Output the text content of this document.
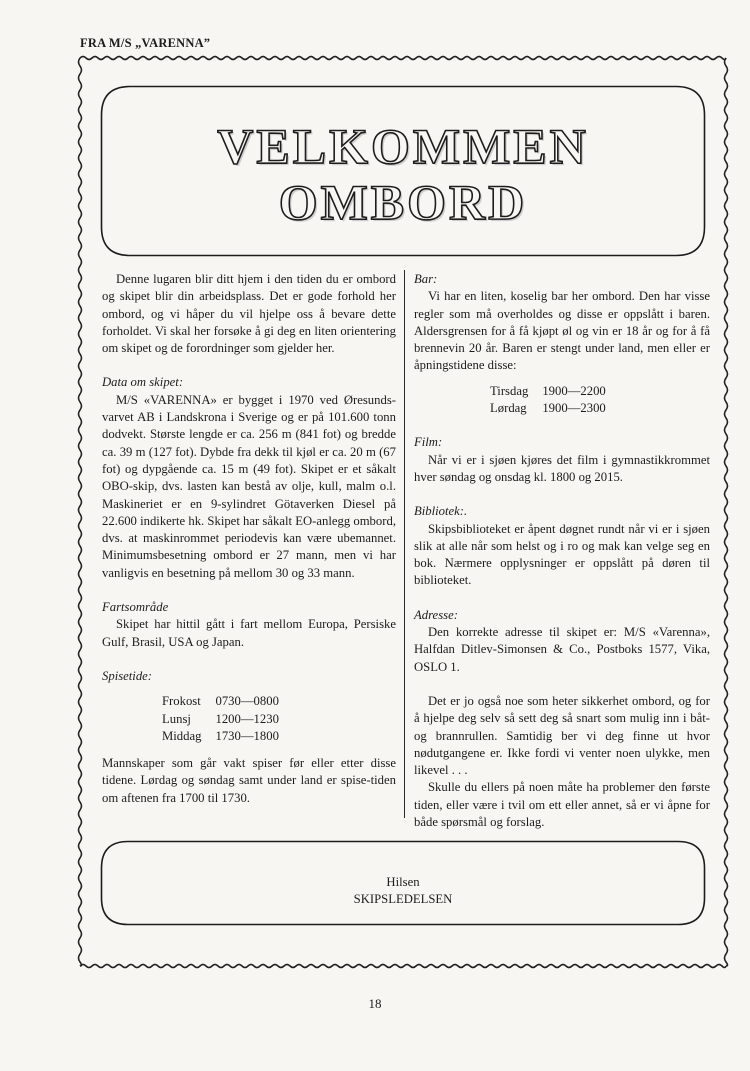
FRA M/S „VARENNA”
VELKOMMEN
OMBORD

Denne lugaren blir ditt hjem i den tiden du er ombord og skipet blir din arbeidsplass. Det er gode forhold her ombord, og vi håper du vil hjelpe oss å bevare dette forholdet. Vi skal her forsøke å gi deg en liten orientering om skipet og de forordninger som gjelder her.

Data om skipet:

M/S «VARENNA» er bygget i 1970 ved Øresunds-varvet AB i Landskrona i Sverige og er på 101.600 tonn dodvekt. Største lengde er ca. 256 m (841 fot) og bredde ca. 39 m (127 fot). Dybde fra dekk til kjøl er ca. 20 m (67 fot) og dypgående ca. 15 m (49 fot). Skipet er et såkalt OBO-skip, dvs. lasten kan bestå av olje, kull, malm o.l. Maskineriet er en 9-sylindret Götaverken Diesel på 22.600 indikerte hk. Skipet har såkalt EO-anlegg ombord, dvs. at maskinrommet periodevis kan være ubemannet. Minimumsbesetning ombord er 27 mann, men vi har vanligvis en besetning på mellom 30 og 33 mann.

Fartsområde

Skipet har hittil gått i fart mellom Europa, Persiske Gulf, Brasil, USA og Japan.

Spisetide:

Frokost	0730—0800
Lunsj	1200—1230
Middag	1730—1800

Mannskaper som går vakt spiser før eller etter disse tidene. Lørdag og søndag samt under land er spise-tiden om aftenen fra 1700 til 1730.

Bar:

Vi har en liten, koselig bar her ombord. Den har visse regler som må overholdes og disse er oppslått i baren. Aldersgrensen for å få kjøpt øl og vin er 18 år og for å få brennevin 20 år. Baren er stengt under land, men eller er åpningstidene disse:

Tirsdag	1900—2200
Lørdag	1900—2300

Film:

Når vi er i sjøen kjøres det film i gymnastikkrommet hver søndag og onsdag kl. 1800 og 2015.

Bibliotek:.

Skipsbiblioteket er åpent døgnet rundt når vi er i sjøen slik at alle når som helst og i ro og mak kan velge seg en bok. Nærmere opplysninger er oppslått på døren til biblioteket.

Adresse:

Den korrekte adresse til skipet er: M/S «Varenna», Halfdan Ditlev-Simonsen & Co., Postboks 1577, Vika, OSLO 1.

Det er jo også noe som heter sikkerhet ombord, og for å hjelpe deg selv så sett deg så snart som mulig inn i båt- og brannrullen. Samtidig ber vi deg finne ut hvor nødutgangene er. Ikke fordi vi venter noen ulykke, men likevel . . .

Skulle du ellers på noen måte ha problemer den første tiden, eller være i tvil om ett eller annet, så er vi åpne for både spørsmål og forslag.

Hilsen
SKIPSLEDELSEN
18
